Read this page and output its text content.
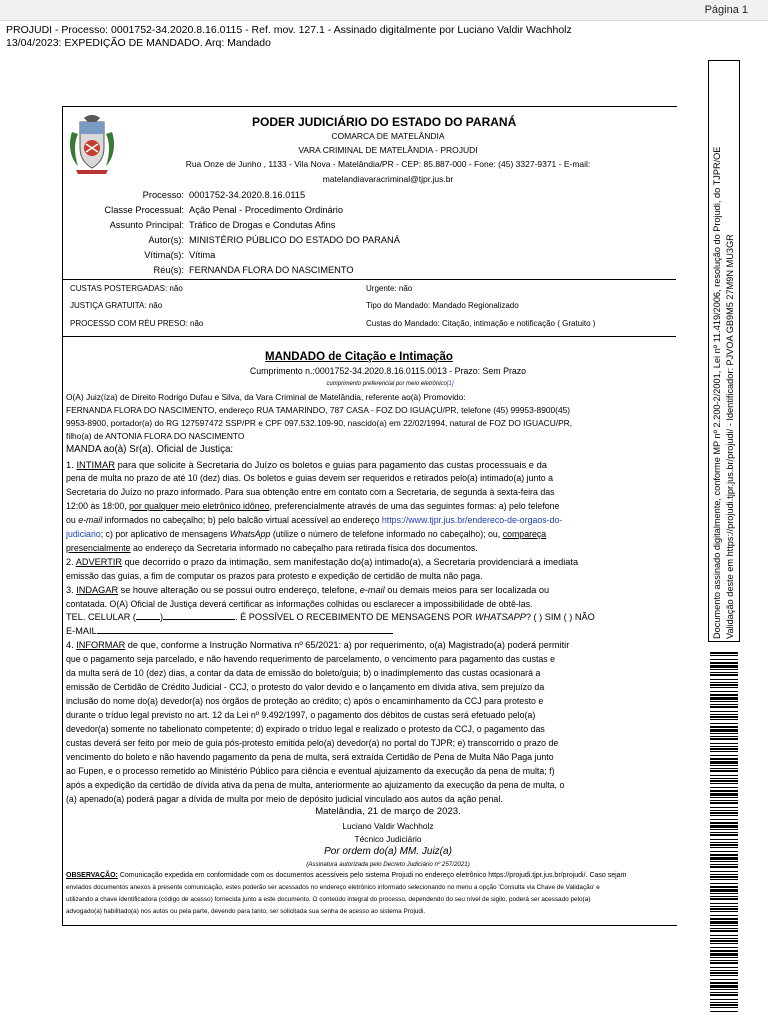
Página 1
PROJUDI - Processo: 0001752-34.2020.8.16.0115 - Ref. mov. 127.1 - Assinado digitalmente por Luciano Valdir Wachholz
13/04/2023: EXPEDIÇÃO DE MANDADO. Arq: Mandado
PODER JUDICIÁRIO DO ESTADO DO PARANÁ
COMARCA DE MATELÂNDIA
VARA CRIMINAL DE MATELÂNDIA - PROJUDI
Rua Onze de Junho , 1133 - Vila Nova - Matelândia/PR - CEP: 85.887-000 - Fone: (45) 3327-9371 - E-mail:
matelandiavaracriminal@tjpr.jus.br
Processo: 0001752-34.2020.8.16.0115
Classe Processual: Ação Penal - Procedimento Ordinário
Assunto Principal: Tráfico de Drogas e Condutas Afins
Autor(s): MINISTÉRIO PÚBLICO DO ESTADO DO PARANÁ
Vítima(s): Vítima
Réu(s): FERNANDA FLORA DO NASCIMENTO
CUSTAS POSTERGADAS: não	Urgente: não
JUSTIÇA GRATUITA: não	Tipo do Mandado: Mandado Regionalizado
PROCESSO COM RÉU PRESO: não	Custas do Mandado: Citação, intimação e notificação ( Gratuito )
MANDADO de Citação e Intimação
Cumprimento n.:0001752-34.2020.8.16.0115.0013 - Prazo: Sem Prazo
cumprimento preferencial por meio eletrônico[1]
O(A) Juiz(íza) de Direito Rodrigo Dufau e Silva, da Vara Criminal de Matelândia, referente ao(à) Promovido:
FERNANDA FLORA DO NASCIMENTO, endereço RUA TAMARINDO, 787 CASA - FOZ DO IGUAÇU/PR, telefone (45) 99953-8900(45)
9953-8900, portador(a) do RG 127597472 SSP/PR e CPF 097.532.109-90, nascido(a) em 22/02/1994, natural de FOZ DO IGUACU/PR,
filho(a) de ANTONIA FLORA DO NASCIMENTO
MANDA ao(à) Sr(a). Oficial de Justiça:
1. INTIMAR para que solicite à Secretaria do Juízo os boletos e guias para pagamento das custas processuais e da
pena de multa no prazo de até 10 (dez) dias. Os boletos e guias devem ser requeridos e retirados pelo(a) intimado(a) junto a
Secretaria do Juízo no prazo informado. Para sua obtenção entre em contato com a Secretaria, de segunda à sexta-feira das
12:00 às 18:00, por qualquer meio eletrônico idôneo, preferencialmente através de uma das seguintes formas: a) pelo telefone
ou e-mail informados no cabeçalho; b) pelo balcão virtual acessível ao endereço https://www.tjpr.jus.br/endereco-de-orgaos-do-
judiciario; c) por aplicativo de mensagens WhatsApp (utilize o número de telefone informado no cabeçalho); ou, compareça
presencialmente ao endereço da Secretaria informado no cabeçalho para retirada física dos documentos.
2. ADVERTIR que decorrido o prazo da intimação, sem manifestação do(a) intimado(a), a Secretaria providenciará a imediata
emissão das guias, a fim de computar os prazos para protesto e expedição de certidão de multa não paga.
3. INDAGAR se houve alteração ou se possui outro endereço, telefone, e-mail ou demais meios para ser localizada ou
contatada. O(A) Oficial de Justiça deverá certificar as informações colhidas ou esclarecer a impossibilidade de obtê-las.
TEL. CELULAR (	)	. É POSSÍVEL O RECEBIMENTO DE MENSAGENS POR WHATSAPP? ( ) SIM ( ) NÃO
E-MAIL
4. INFORMAR de que, conforme a Instrução Normativa nº 65/2021: a) por requerimento, o(a) Magistrado(a) poderá permitir
que o pagamento seja parcelado, e não havendo requerimento de parcelamento, o vencimento para pagamento das custas e
da multa será de 10 (dez) dias, a contar da data de emissão do boleto/guia; b) o inadimplemento das custas ocasionará a
emissão de Certidão de Crédito Judicial - CCJ, o protesto do valor devido e o lançamento em dívida ativa, sem prejuízo da
inclusão do nome do(a) devedor(a) nos órgãos de proteção ao crédito; c) após o encaminhamento da CCJ para protesto e
durante o tríduo legal previsto no art. 12 da Lei nº 9.492/1997, o pagamento dos débitos de custas será efetuado pelo(a)
devedor(a) somente no tabelionato competente; d) expirado o tríduo legal e realizado o protesto da CCJ, o pagamento das
custas deverá ser feito por meio de guia pós-protesto emitida pelo(a) devedor(a) no portal do TJPR; e) transcorrido o prazo de
vencimento do boleto e não havendo pagamento da pena de multa, será extraída Certidão de Pena de Multa Não Paga junto
ao Fupen, e o processo remetido ao Ministério Público para ciência e eventual ajuizamento da execução da pena de multa; f)
após a expedição da certidão de dívida ativa da pena de multa, anteriormente ao ajuizamento da execução da pena de multa, o
(a) apenado(a) poderá pagar a dívida de multa por meio de depósito judicial vinculado aos autos da ação penal.
Matelândia, 21 de março de 2023.
Luciano Valdir Wachholz
Técnico Judiciário
Por ordem do(a) MM. Juiz(a)
(Assinatura autorizada pelo Decreto Judiciário nº 257/2021)
OBSERVAÇÃO: Comunicação expedida em conformidade com os documentos acessíveis pelo sistema Projudi no endereço eletrônico https://projudi.tjpr.jus.br/projudi/. Caso sejam
enviados documentos anexos à presente comunicação, estes poderão ser acessados no endereço eletrônico informado selecionando no menu a opção 'Consulta via Chave de Validação' e
utilizando a chave identificadora (código de acesso) fornecida junto a este documento. O conteúdo integral do processo, dependendo do seu nível de sigilo, poderá ser acessado pelo(a)
advogado(a) habilitado(a) nos autos ou pela parte, devendo para tanto, ser solicitada sua senha de acesso ao sistema Projudi.
Documento assinado digitalmente, conforme MP nº 2.200-2/2001, Lei nº 11.419/2006, resolução do Projudi, do TJPR/OE Validação deste em https://projudi.tjpr.jus.br/projudi/ - Identificador: PJVOA GB9M5 27M9N MU3GR
